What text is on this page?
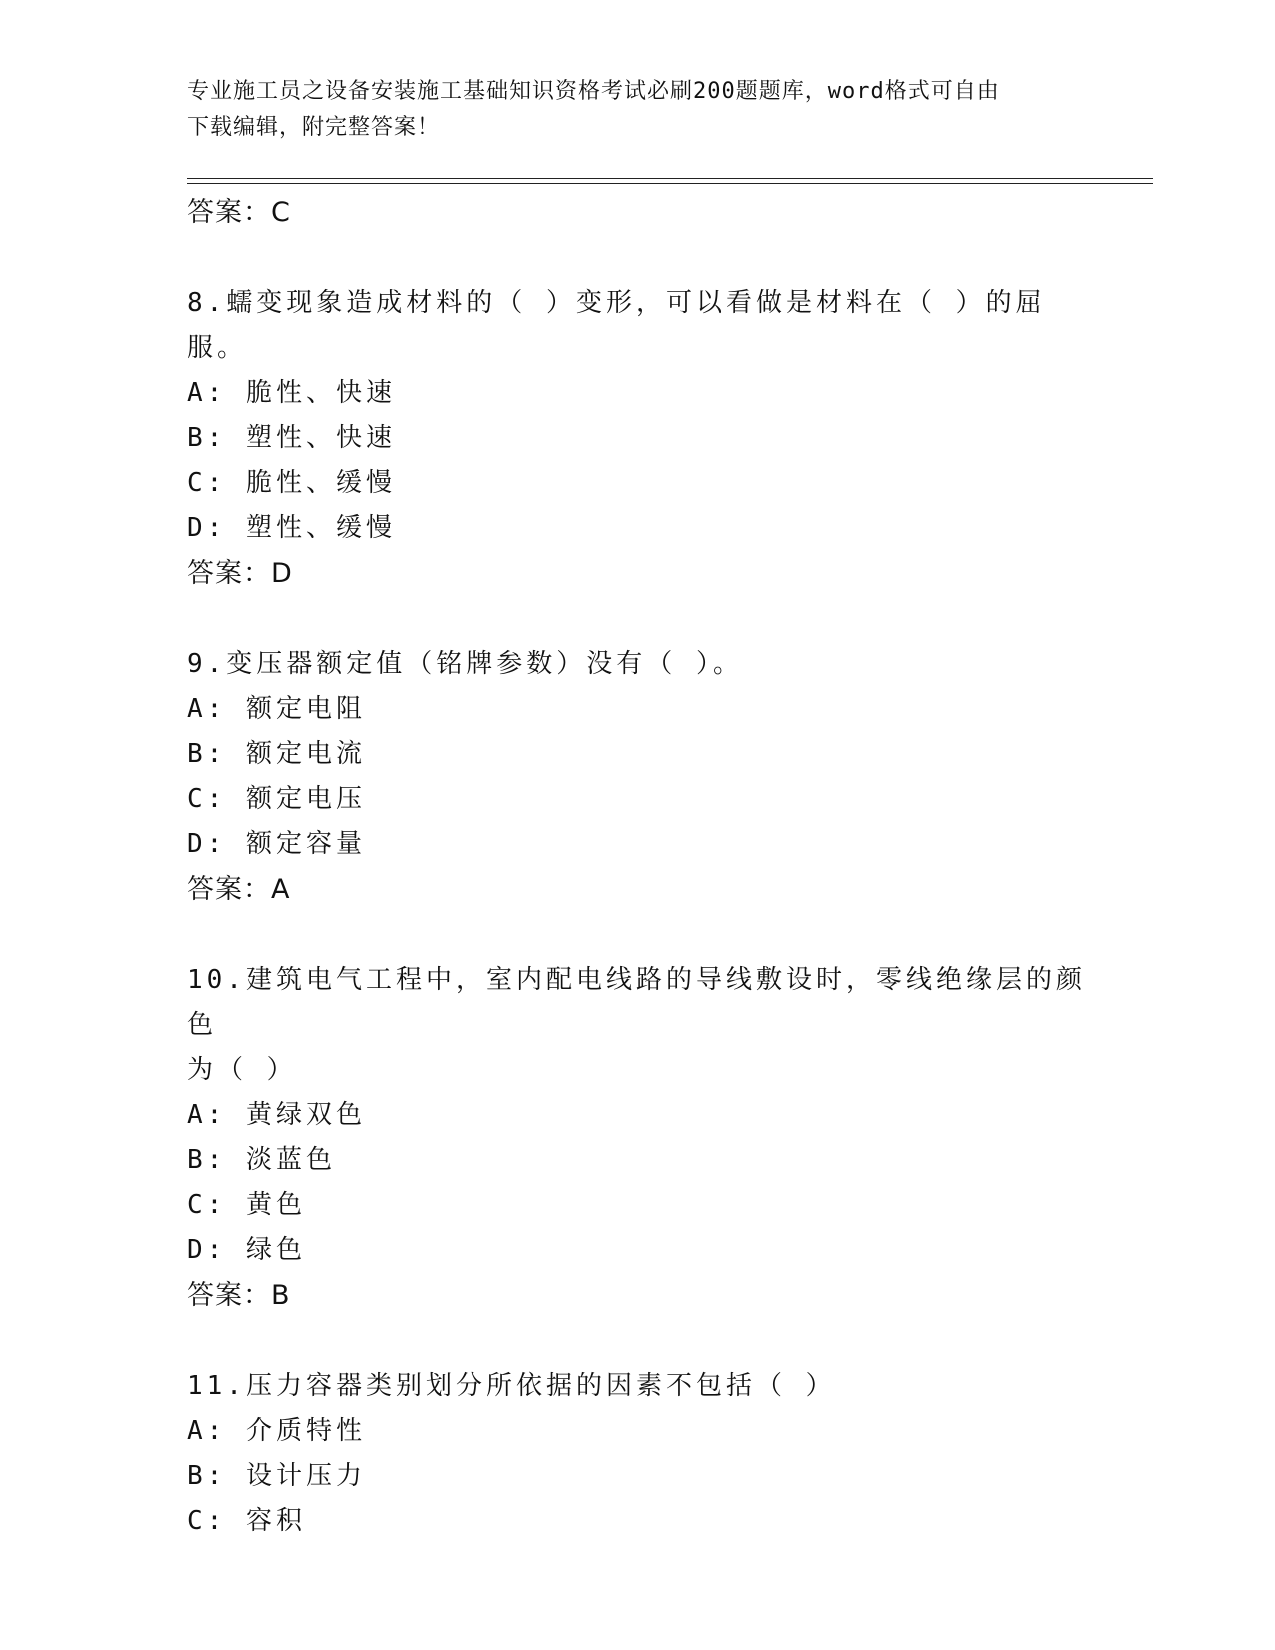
专业施工员之设备安装施工基础知识资格考试必刷200题题库，word格式可自由
下载编辑，附完整答案！
答案：C
8.蠕变现象造成材料的（ ）变形，可以看做是材料在（ ）的屈服。
A: 脆性、快速
B: 塑性、快速
C: 脆性、缓慢
D: 塑性、缓慢
答案：D
9.变压器额定值（铭牌参数）没有（ ）。
A: 额定电阻
B: 额定电流
C: 额定电压
D: 额定容量
答案：A
10.建筑电气工程中，室内配电线路的导线敷设时，零线绝缘层的颜色
为（ ）
A: 黄绿双色
B: 淡蓝色
C: 黄色
D: 绿色
答案：B
11.压力容器类别划分所依据的因素不包括（ ）
A: 介质特性
B: 设计压力
C: 容积
